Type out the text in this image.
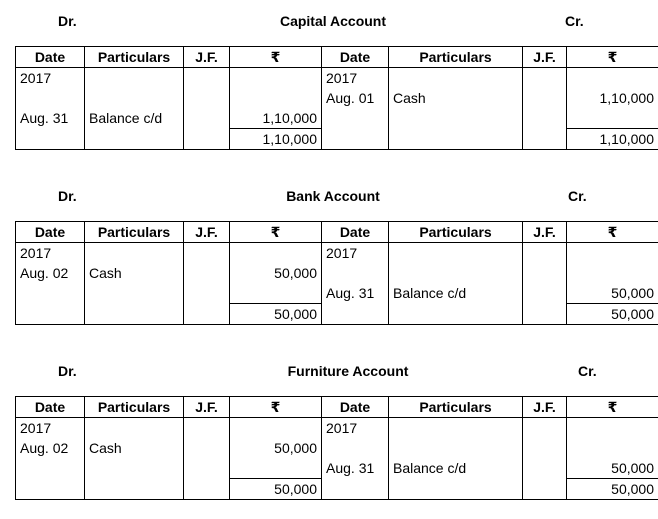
Dr.	Capital Account	Cr.
Date	Particulars	J.F.	₹	Date	Particulars	J.F.	₹
2017				2017			
				Aug. 01	Cash		1,10,000
Aug. 31	Balance c/d		1,10,000				
			1,10,000				1,10,000
Dr.	Bank Account	Cr.
Date	Particulars	J.F.	₹	Date	Particulars	J.F.	₹
2017				2017			
Aug. 02	Cash		50,000				
				Aug. 31	Balance c/d		50,000
			50,000				50,000
Dr.	Furniture Account	Cr.
Date	Particulars	J.F.	₹	Date	Particulars	J.F.	₹
2017				2017			
Aug. 02	Cash		50,000				
				Aug. 31	Balance c/d		50,000
			50,000				50,000
